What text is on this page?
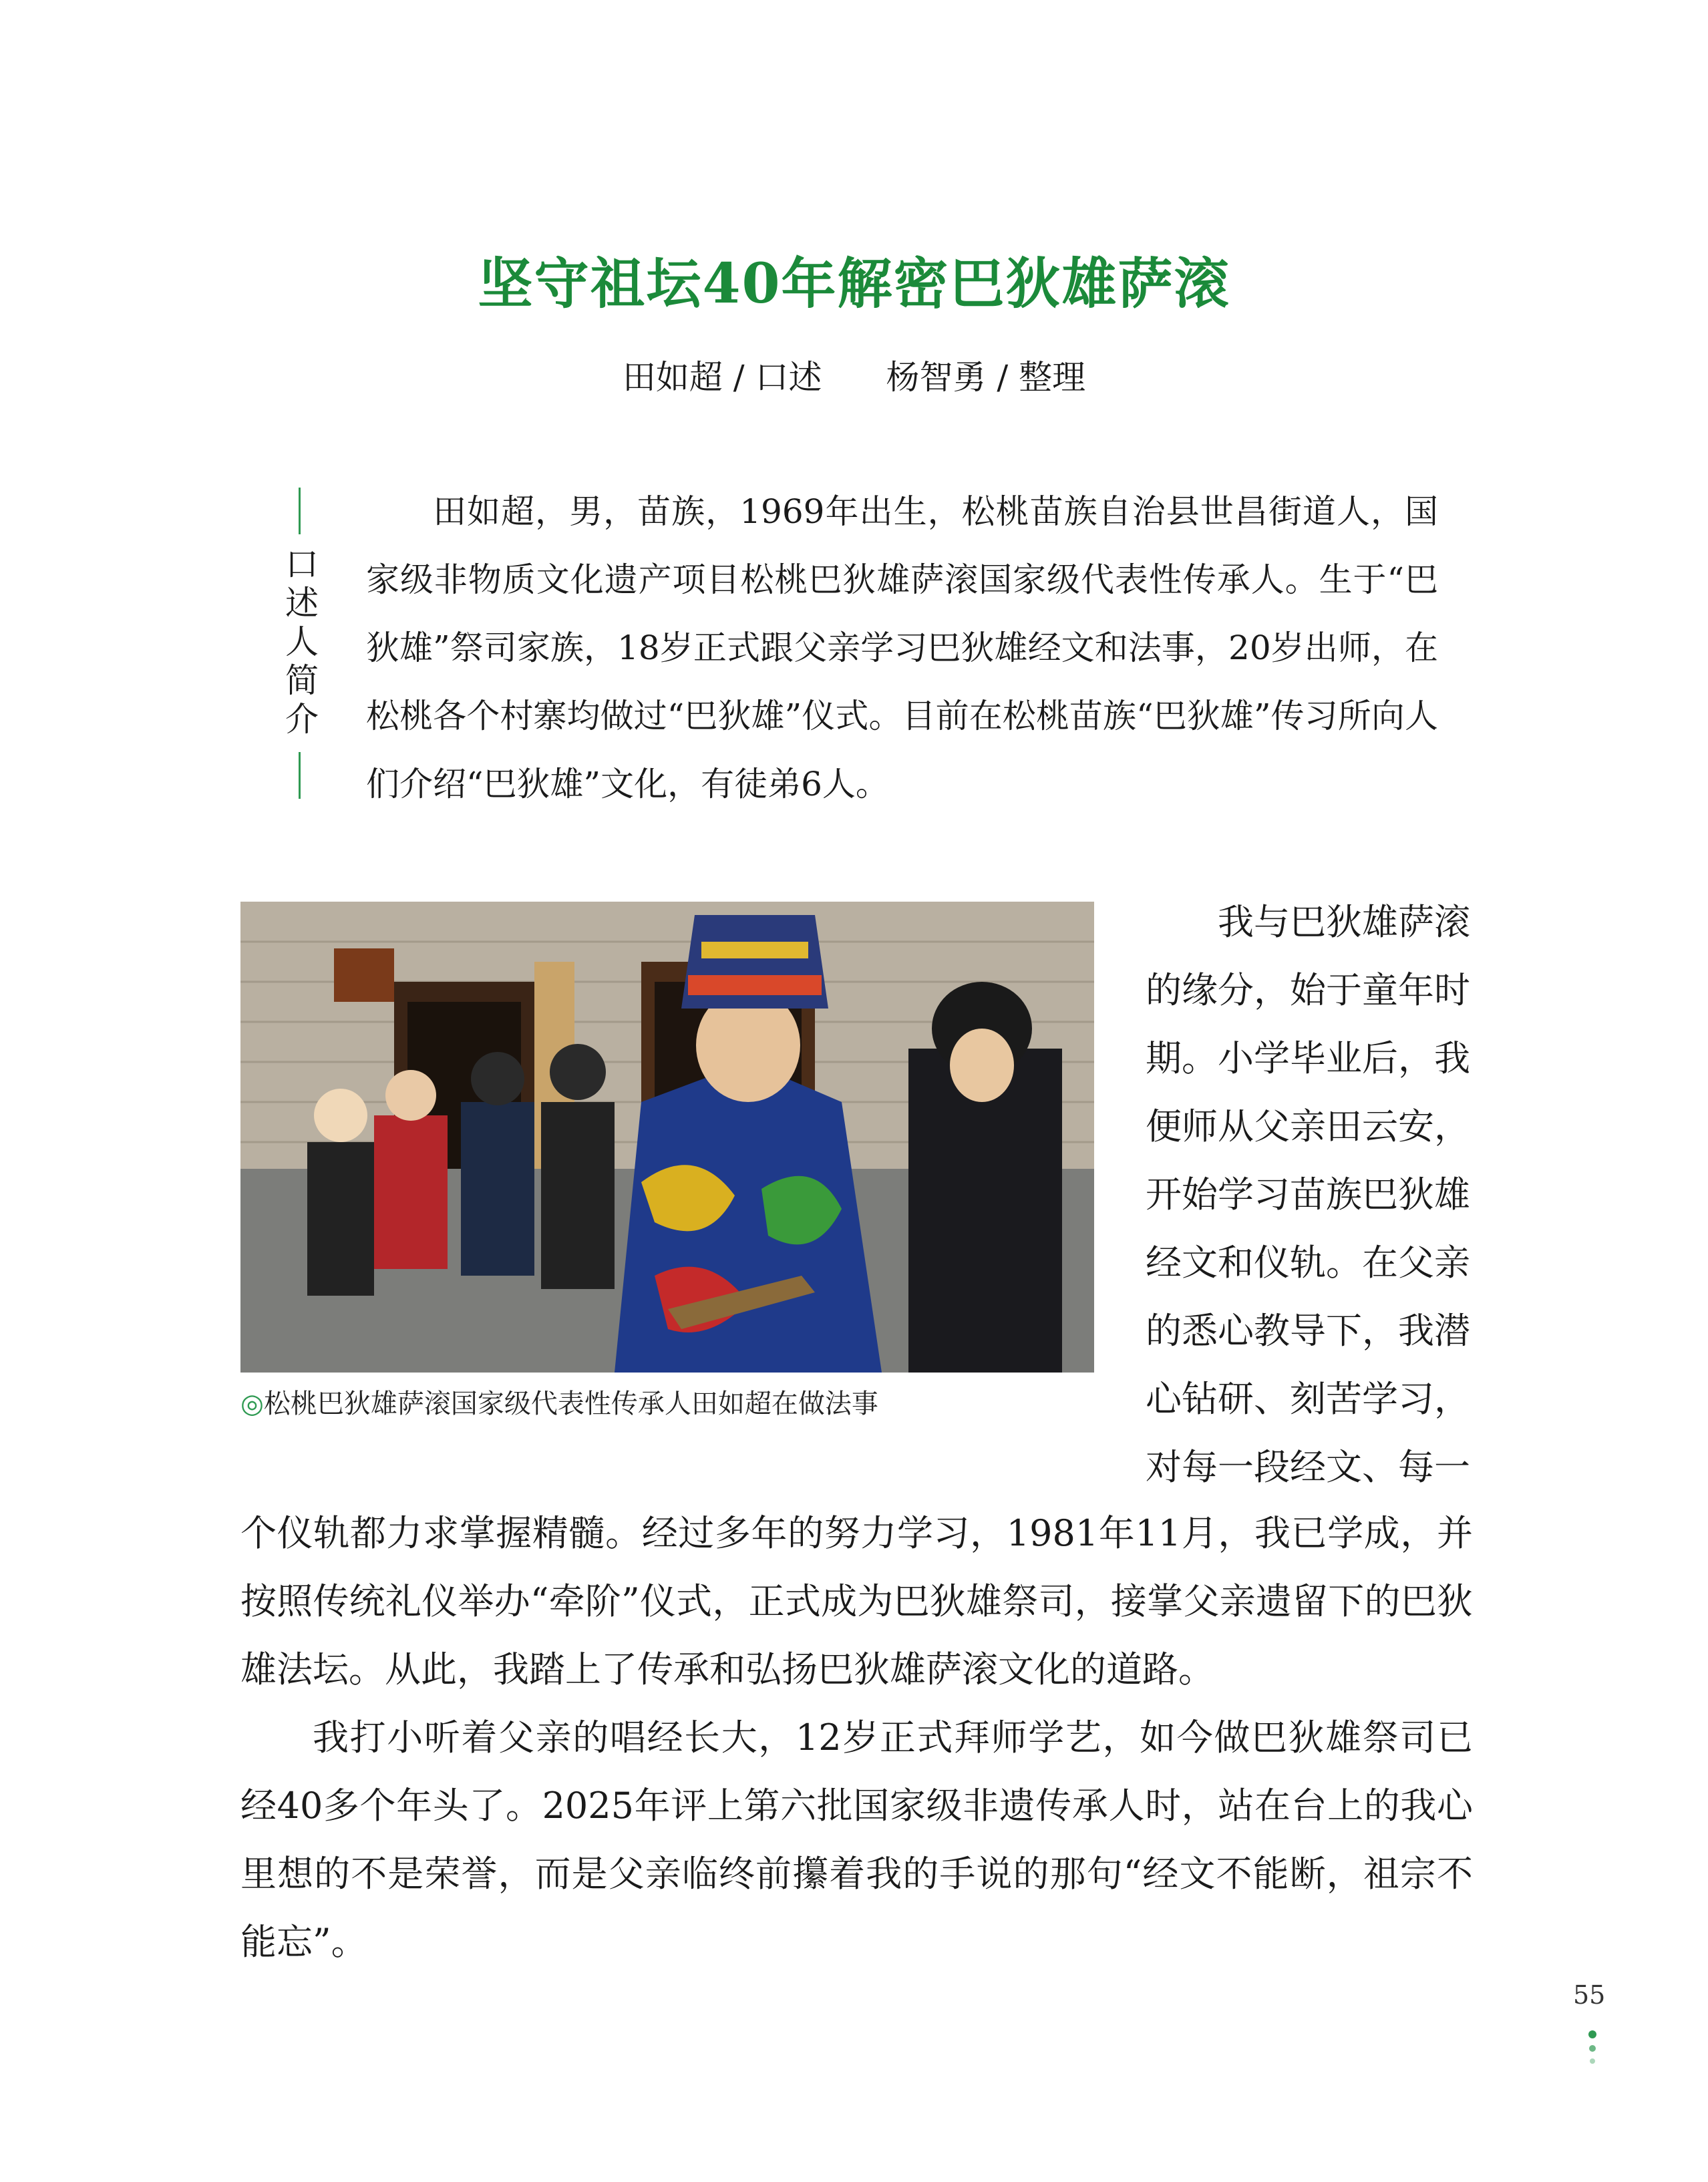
坚守祖坛40年解密巴狄雄萨滚
田如超 / 口述 杨智勇 / 整理
口述人简介

田如超，男，苗族，1969年出生，松桃苗族自治县世昌街道人，国家级非物质文化遗产项目松桃巴狄雄萨滚国家级代表性传承人。生于“巴狄雄”祭司家族，18岁正式跟父亲学习巴狄雄经文和法事，20岁出师，在松桃各个村寨均做过“巴狄雄”仪式。目前在松桃苗族“巴狄雄”传习所向人们介绍“巴狄雄”文化，有徒弟6人。

◎松桃巴狄雄萨滚国家级代表性传承人田如超在做法事

我与巴狄雄萨滚的缘分，始于童年时期。小学毕业后，我便师从父亲田云安，开始学习苗族巴狄雄经文和仪轨。在父亲的悉心教导下，我潜心钻研、刻苦学习，对每一段经文、每一

个仪轨都力求掌握精髓。经过多年的努力学习，1981年11月，我已学成，并按照传统礼仪举办“牵阶”仪式，正式成为巴狄雄祭司，接掌父亲遗留下的巴狄雄法坛。从此，我踏上了传承和弘扬巴狄雄萨滚文化的道路。

我打小听着父亲的唱经长大，12岁正式拜师学艺，如今做巴狄雄祭司已经40多个年头了。2025年评上第六批国家级非遗传承人时，站在台上的我心里想的不是荣誉，而是父亲临终前攥着我的手说的那句“经文不能断，祖宗不能忘”。

55
